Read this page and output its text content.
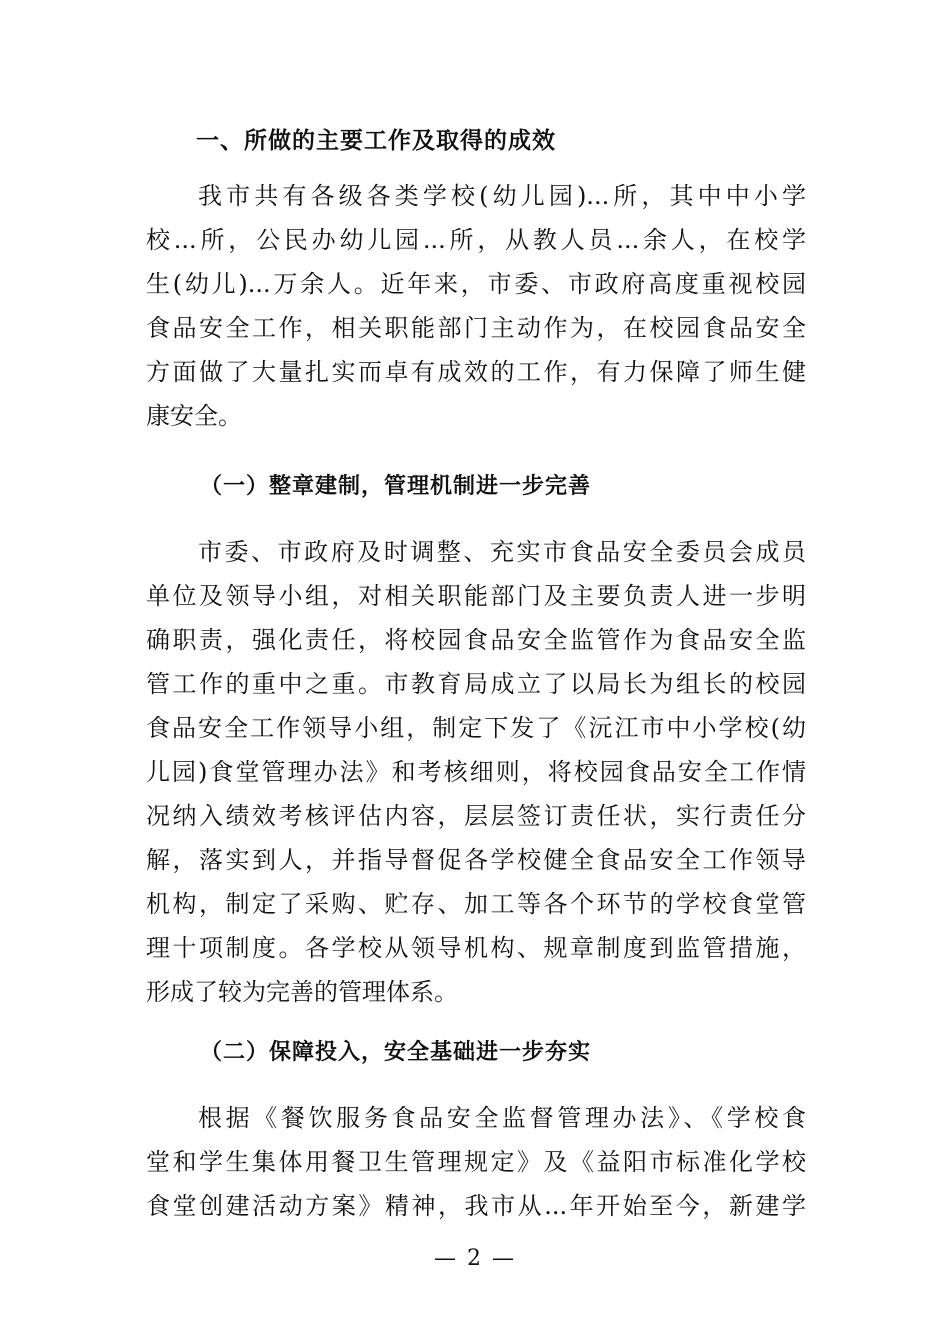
一、所做的主要工作及取得的成效
我市共有各级各类学校(幼儿园)...所，其中中小学
校...所，公民办幼儿园...所，从教人员...余人，在校学
生(幼儿)...万余人。近年来，市委、市政府高度重视校园
食品安全工作，相关职能部门主动作为，在校园食品安全
方面做了大量扎实而卓有成效的工作，有力保障了师生健
康安全。
（一）整章建制，管理机制进一步完善
市委、市政府及时调整、充实市食品安全委员会成员
单位及领导小组，对相关职能部门及主要负责人进一步明
确职责，强化责任，将校园食品安全监管作为食品安全监
管工作的重中之重。市教育局成立了以局长为组长的校园
食品安全工作领导小组，制定下发了《沅江市中小学校(幼
儿园)食堂管理办法》和考核细则，将校园食品安全工作情
况纳入绩效考核评估内容，层层签订责任状，实行责任分
解，落实到人，并指导督促各学校健全食品安全工作领导
机构，制定了采购、贮存、加工等各个环节的学校食堂管
理十项制度。各学校从领导机构、规章制度到监管措施，
形成了较为完善的管理体系。
（二）保障投入，安全基础进一步夯实
根据《餐饮服务食品安全监督管理办法》、《学校食
堂和学生集体用餐卫生管理规定》及《益阳市标准化学校
食堂创建活动方案》精神，我市从...年开始至今，新建学
— 2 —
